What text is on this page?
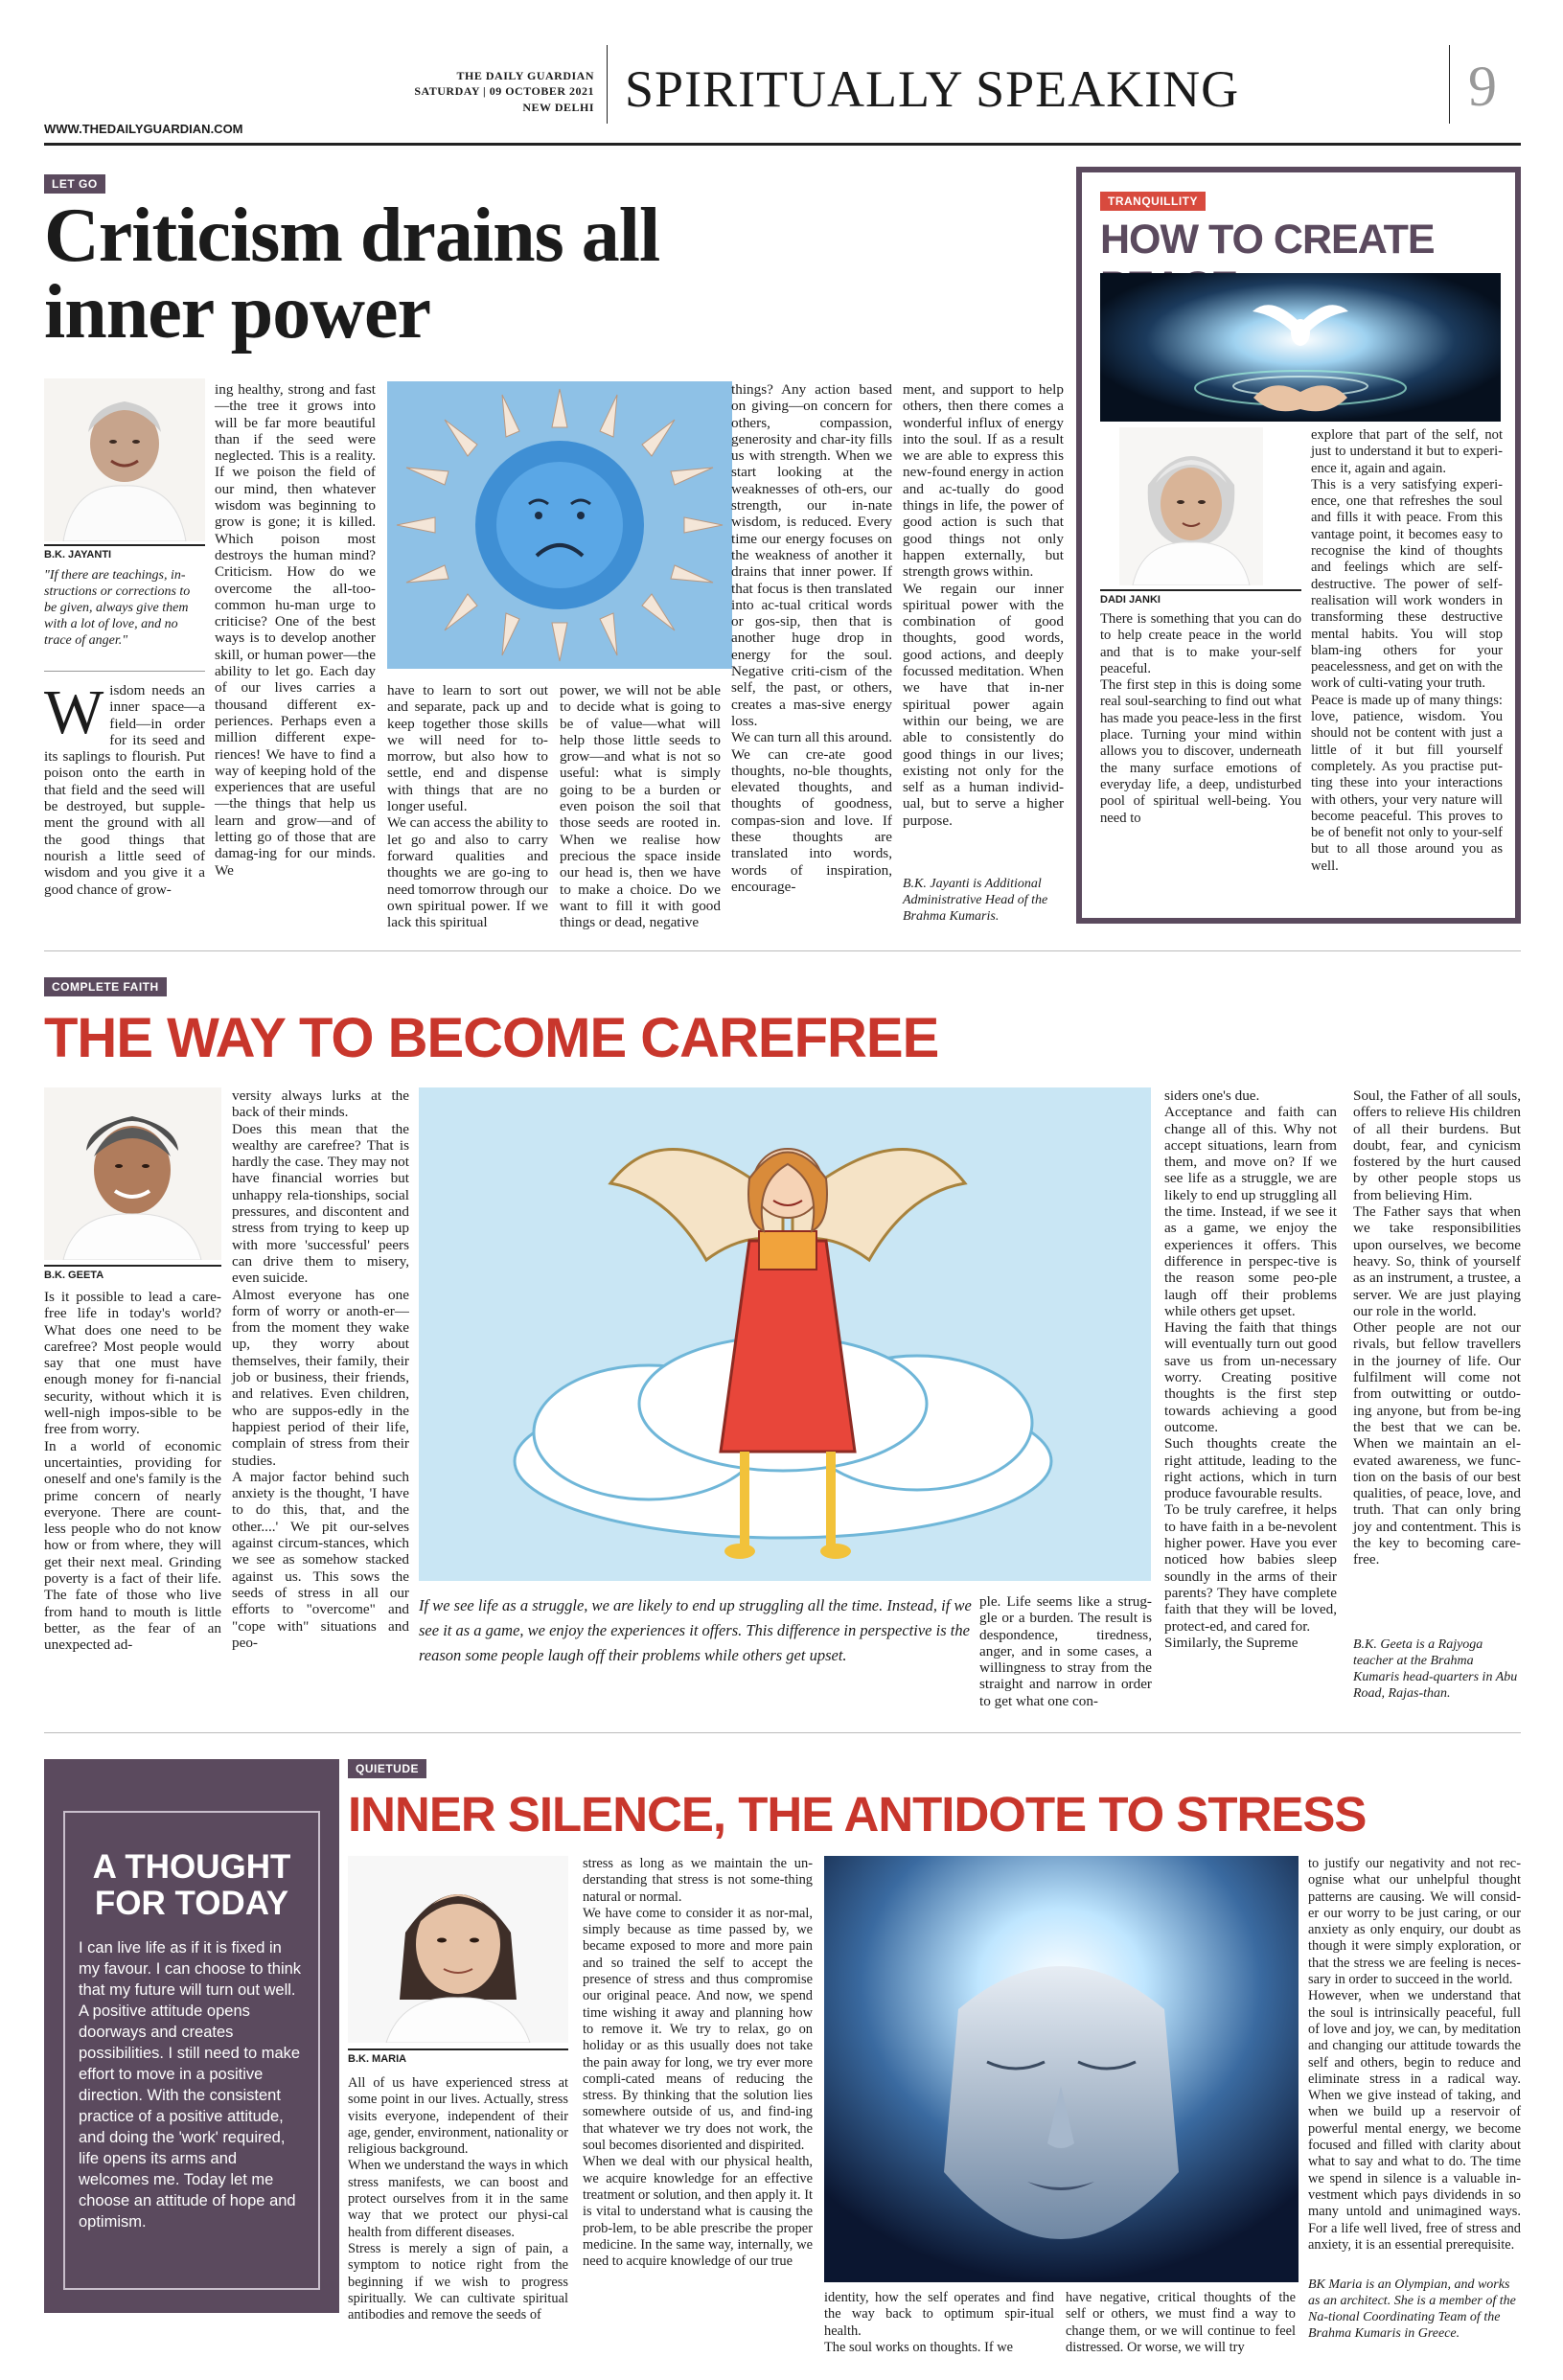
THE DAILY GUARDIAN
SATURDAY | 09 OCTOBER 2021
NEW DELHI
WWW.THEDAILYGUARDIAN.COM
SPIRITUALLY SPEAKING	9
LET GO
Criticism drains all
inner power
B.K. JAYANTI
"If there are teachings, in-structions or corrections to be given, always give them with a lot of love, and no trace of anger."
Wisdom needs an inner space—a field—in order for its seed and its saplings to flourish. Put poison onto the earth in that field and the seed will be destroyed, but supple-ment the ground with all the good things that nourish a little seed of wisdom and you give it a good chance of grow-
ing healthy, strong and fast—the tree it grows into will be far more beautiful than if the seed were neglected. This is a reality. If we poison the field of our mind, then whatever wisdom was beginning to grow is gone; it is killed. Which poison most destroys the human mind? Criticism. How do we overcome the all-too-common hu-man urge to criticise? One of the best ways is to develop another skill, or human power—the ability to let go. Each day of our lives carries a thousand different ex-periences. Perhaps even a million different expe-riences! We have to find a way of keeping hold of the experiences that are useful—the things that help us learn and grow—and of letting go of those that are damag-ing for our minds. We
have to learn to sort out and separate, pack up and keep together those skills we will need for to-morrow, but also how to settle, end and dispense with things that are no longer useful.
We can access the ability to let go and also to carry forward qualities and thoughts we are go-ing to need tomorrow through our own spiritual power. If we lack this spiritual
power, we will not be able to decide what is going to be of value—what will help those little seeds to grow—and what is not so useful: what is simply going to be a burden or even poison the soil that those seeds are rooted in. When we realise how precious the space inside our head is, then we have to make a choice. Do we want to fill it with good things or dead, negative
things? Any action based on giving—on concern for others, compassion, generosity and char-ity fills us with strength. When we start looking at the weaknesses of oth-ers, our strength, our in-nate wisdom, is reduced. Every time our energy focuses on the weakness of another it drains that inner power. If that focus is then translated into ac-tual critical words or gos-sip, then that is another huge drop in energy for the soul. Negative criti-cism of the self, the past, or others, creates a mas-sive energy loss.
We can turn all this around. We can cre-ate good thoughts, no-ble thoughts, elevated thoughts, and thoughts of goodness, compas-sion and love. If these thoughts are translated into words, words of inspiration, encourage-
ment, and support to help others, then there comes a wonderful influx of energy into the soul. If as a result we are able to express this new-found energy in action and ac-tually do good things in life, the power of good action is such that good things not only happen externally, but strength grows within.
We regain our inner spiritual power with the combination of good thoughts, good words, good actions, and deeply focussed meditation. When we have that in-ner spiritual power again within our being, we are able to consistently do good things in our lives; existing not only for the self as a human individ-ual, but to serve a higher purpose.
B.K. Jayanti is Additional Administrative Head of the Brahma Kumaris.
TRANQUILLITY
HOW TO CREATE
DADI JANKI
There is something that you can do to help create peace in the world and that is to make your-self peaceful.
The first step in this is doing some real soul-searching to find out what has made you peace-less in the first place. Turning your mind within allows you to discover, underneath the many surface emotions of everyday life, a deep, undisturbed pool of spiritual well-being. You need to
explore that part of the self, not just to understand it but to experi-ence it, again and again.
This is a very satisfying experi-ence, one that refreshes the soul and fills it with peace. From this vantage point, it becomes easy to recognise the kind of thoughts and feelings which are self-destructive. The power of self-realisation will work wonders in transforming these destructive mental habits. You will stop blam-ing others for your peacelessness, and get on with the work of culti-vating your truth.
Peace is made up of many things: love, patience, wisdom. You should not be content with just a little of it but fill yourself completely. As you practise put-ting these into your interactions with others, your very nature will become peaceful. This proves to be of benefit not only to your-self but to all those around you as well.
COMPLETE FAITH
THE WAY TO BECOME CAREFREE
B.K. GEETA
Is it possible to lead a care-free life in today's world? What does one need to be carefree? Most people would say that one must have enough money for fi-nancial security, without which it is well-nigh impos-sible to be free from worry.
In a world of economic uncertainties, providing for oneself and one's family is the prime concern of nearly everyone. There are count-less people who do not know how or from where, they will get their next meal. Grinding poverty is a fact of their life. The fate of those who live from hand to mouth is little better, as the fear of an unexpected ad-
versity always lurks at the back of their minds.
Does this mean that the wealthy are carefree? That is hardly the case. They may not have financial worries but unhappy rela-tionships, social pressures, and discontent and stress from trying to keep up with more 'successful' peers can drive them to misery, even suicide.
Almost everyone has one form of worry or anoth-er—from the moment they wake up, they worry about themselves, their family, their job or business, their friends, and relatives. Even children, who are suppos-edly in the happiest period of their life, complain of stress from their studies.
A major factor behind such anxiety is the thought, 'I have to do this, that, and the other....' We pit our-selves against circum-stances, which we see as somehow stacked against us. This sows the seeds of stress in all our efforts to "overcome" and "cope with" situations and peo-
If we see life as a struggle, we are likely to end up struggling all the time. Instead, if we see it as a game, we enjoy the experiences it offers. This difference in perspective is the reason some people laugh off their problems while others get upset.
ple. Life seems like a strug-gle or a burden. The result is despondence, tiredness, anger, and in some cases, a willingness to stray from the straight and narrow in order to get what one con-
siders one's due.
Acceptance and faith can change all of this. Why not accept situations, learn from them, and move on? If we see life as a struggle, we are likely to end up struggling all the time. Instead, if we see it as a game, we enjoy the experiences it offers. This difference in perspec-tive is the reason some peo-ple laugh off their problems while others get upset.
Having the faith that things will eventually turn out good save us from un-necessary worry. Creating positive thoughts is the first step towards achieving a good outcome.
Such thoughts create the right attitude, leading to the right actions, which in turn produce favourable results.
To be truly carefree, it helps to have faith in a be-nevolent higher power. Have you ever noticed how babies sleep soundly in the arms of their parents? They have complete faith that they will be loved, protect-ed, and cared for.
Similarly, the Supreme
Soul, the Father of all souls, offers to relieve His children of all their burdens. But doubt, fear, and cynicism fostered by the hurt caused by other people stops us from believing Him.
The Father says that when we take responsibilities upon ourselves, we become heavy. So, think of yourself as an instrument, a trustee, a server. We are just playing our role in the world.
Other people are not our rivals, but fellow travellers in the journey of life. Our fulfilment will come not from outwitting or outdo-ing anyone, but from be-ing the best that we can be. When we maintain an el-evated awareness, we func-tion on the basis of our best qualities, of peace, love, and truth. That can only bring joy and contentment. This is the key to becoming care-free.
B.K. Geeta is a Rajyoga teacher at the Brahma Kumaris head-quarters in Abu Road, Rajas-than.
A THOUGHT
FOR TODAY
I can live life as if it is fixed in my favour. I can choose to think that my future will turn out well. A positive attitude opens doorways and creates possibilities. I still need to make effort to move in a positive direction. With the consistent practice of a positive attitude, and doing the 'work' required, life opens its arms and welcomes me. Today let me choose an attitude of hope and optimism.
QUIETUDE
INNER SILENCE, THE ANTIDOTE TO STRESS
B.K. MARIA
All of us have experienced stress at some point in our lives. Actually, stress visits everyone, independent of their age, gender, environment, nationality or religious background.
When we understand the ways in which stress manifests, we can boost and protect ourselves from it in the same way that we protect our physi-cal health from different diseases.
Stress is merely a sign of pain, a symptom to notice right from the beginning if we wish to progress spiritually. We can cultivate spiritual antibodies and remove the seeds of
stress as long as we maintain the un-derstanding that stress is not some-thing natural or normal.
We have come to consider it as nor-mal, simply because as time passed by, we became exposed to more and more pain and so trained the self to accept the presence of stress and thus compromise our original peace. And now, we spend time wishing it away and planning how to remove it. We try to relax, go on holiday or as this usually does not take the pain away for long, we try ever more compli-cated means of reducing the stress. By thinking that the solution lies somewhere outside of us, and find-ing that whatever we try does not work, the soul becomes disoriented and dispirited.
When we deal with our physical health, we acquire knowledge for an effective treatment or solution, and then apply it. It is vital to understand what is causing the prob-lem, to be able prescribe the proper medicine. In the same way, internally, we need to acquire knowledge of our true
identity, how the self operates and find the way back to optimum spir-itual health.
The soul works on thoughts. If we
have negative, critical thoughts of the self or others, we must find a way to change them, or we will continue to feel distressed. Or worse, we will try
to justify our negativity and not rec-ognise what our unhelpful thought patterns are causing. We will consid-er our worry to be just caring, or our anxiety as only enquiry, our doubt as though it were simply exploration, or that the stress we are feeling is neces-sary in order to succeed in the world.
However, when we understand that the soul is intrinsically peaceful, full of love and joy, we can, by meditation and changing our attitude towards the self and others, begin to reduce and eliminate stress in a radical way. When we give instead of taking, and when we build up a reservoir of powerful mental energy, we become focused and filled with clarity about what to say and what to do. The time we spend in silence is a valuable in-vestment which pays dividends in so many untold and unimagined ways. For a life well lived, free of stress and anxiety, it is an essential prerequisite.
BK Maria is an Olympian, and works as an architect. She is a member of the Na-tional Coordinating Team of the Brahma Kumaris in Greece.
